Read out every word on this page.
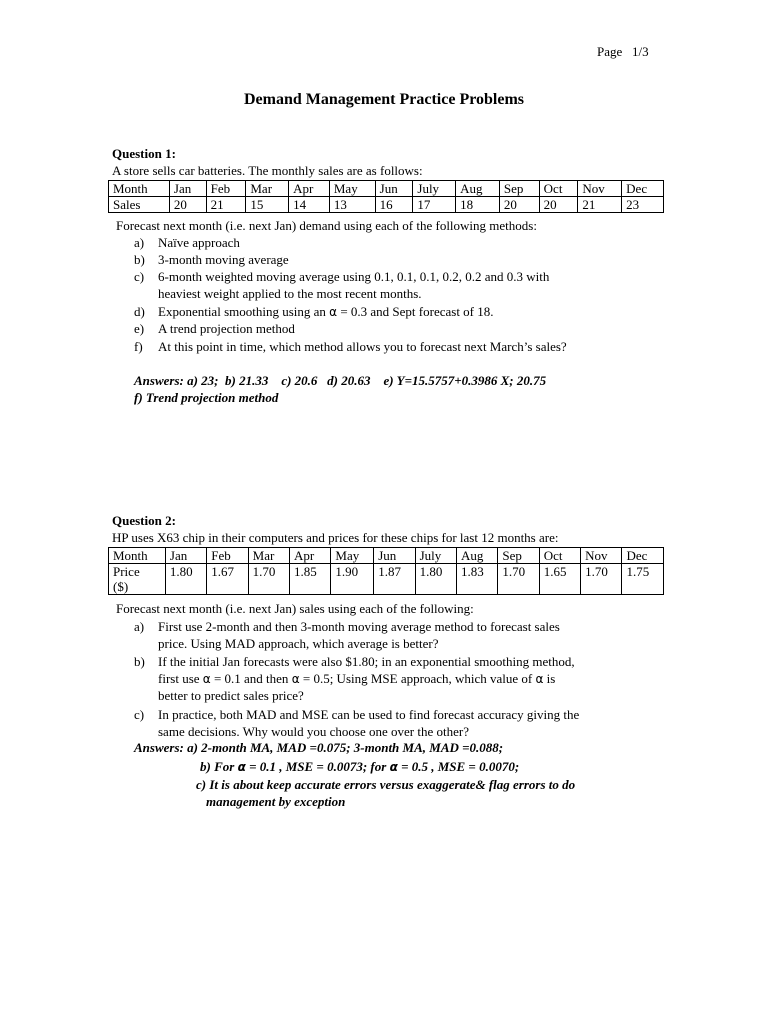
Page   1/3
Demand Management Practice Problems
Question 1:
A store sells car batteries. The monthly sales are as follows:
Month	Jan	Feb	Mar	Apr	May	Jun	July	Aug	Sep	Oct	Nov	Dec
Sales	20	21	15	14	13	16	17	18	20	20	21	23
Forecast next month (i.e. next Jan) demand using each of the following methods:
a) Naïve approach
b) 3-month moving average
c) 6-month weighted moving average using 0.1, 0.1, 0.1, 0.2, 0.2 and 0.3 with
heaviest weight applied to the most recent months.
d) Exponential smoothing using an α = 0.3 and Sept forecast of 18.
e) A trend projection method
f) At this point in time, which method allows you to forecast next March’s sales?
Answers: a) 23;  b) 21.33    c) 20.6   d) 20.63    e) Y=15.5757+0.3986 X; 20.75
f) Trend projection method
Question 2:
HP uses X63 chip in their computers and prices for these chips for last 12 months are:
Month	Jan	Feb	Mar	Apr	May	Jun	July	Aug	Sep	Oct	Nov	Dec
Price
($)	1.80	1.67	1.70	1.85	1.90	1.87	1.80	1.83	1.70	1.65	1.70	1.75
Forecast next month (i.e. next Jan) sales using each of the following:
a) First use 2-month and then 3-month moving average method to forecast sales
price. Using MAD approach, which average is better?
b) If the initial Jan forecasts were also $1.80; in an exponential smoothing method,
first use α = 0.1 and then α = 0.5; Using MSE approach, which value of α is
better to predict sales price?
c) In practice, both MAD and MSE can be used to find forecast accuracy giving the
same decisions. Why would you choose one over the other?
Answers: a) 2-month MA, MAD =0.075; 3-month MA, MAD =0.088;
b) For α = 0.1 , MSE = 0.0073; for α = 0.5 , MSE = 0.0070;
c) It is about keep accurate errors versus exaggerate& flag errors to do
management by exception
